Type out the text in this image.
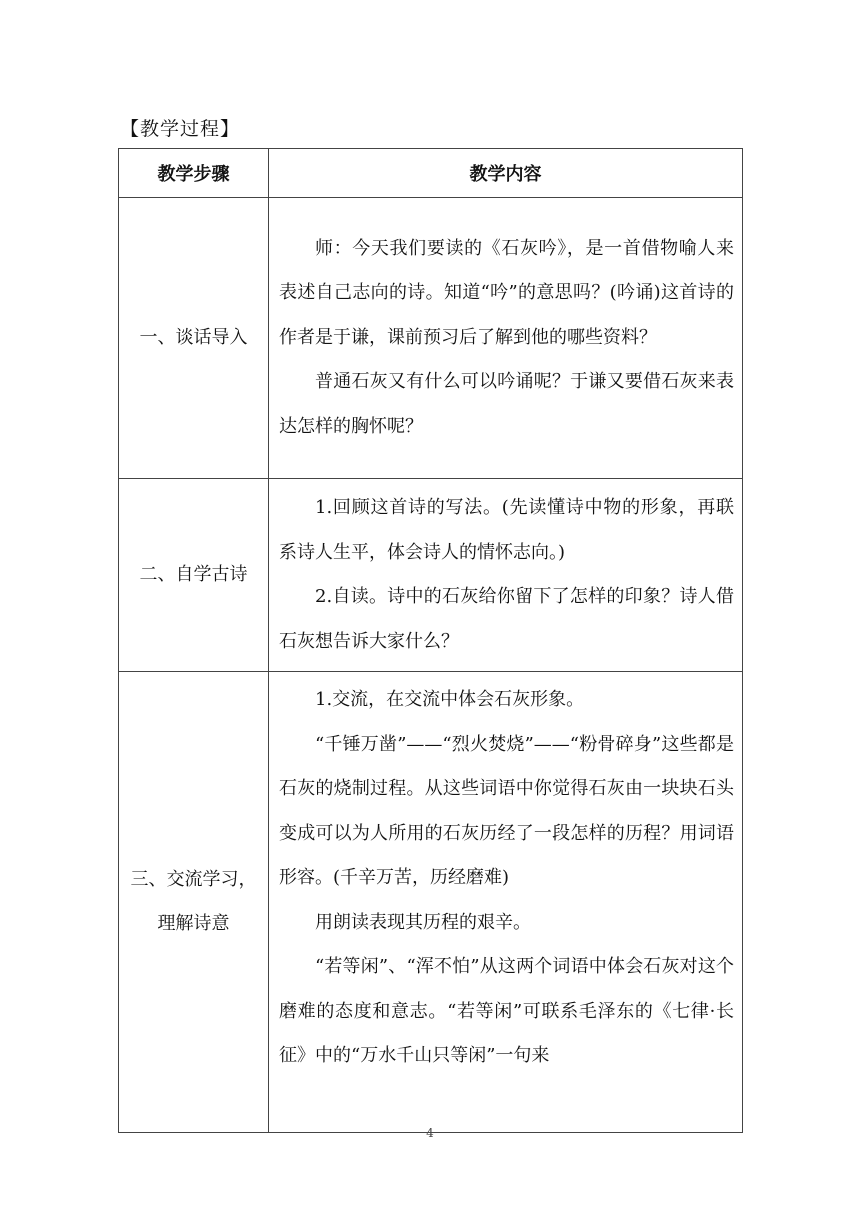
【教学过程】
教学步骤	教学内容
一、谈话导入	师：今天我们要读的《石灰吟》，是一首借物喻人来表述自己志向的诗。知道“吟”的意思吗？(吟诵)这首诗的作者是于谦，课前预习后了解到他的哪些资料？

普通石灰又有什么可以吟诵呢？于谦又要借石灰来表达怎样的胸怀呢？

二、自学古诗	1.回顾这首诗的写法。(先读懂诗中物的形象，再联系诗人生平，体会诗人的情怀志向。)

2.自读。诗中的石灰给你留下了怎样的印象？诗人借石灰想告诉大家什么？

三、交流学习，理解诗意	1.交流，在交流中体会石灰形象。

“千锤万凿”——“烈火焚烧”——“粉骨碎身”这些都是石灰的烧制过程。从这些词语中你觉得石灰由一块块石头变成可以为人所用的石灰历经了一段怎样的历程？用词语形容。(千辛万苦，历经磨难)

用朗读表现其历程的艰辛。

“若等闲”、“浑不怕”从这两个词语中体会石灰对这个磨难的态度和意志。“若等闲”可联系毛泽东的《七律·长征》中的“万水千山只等闲”一句来

4
